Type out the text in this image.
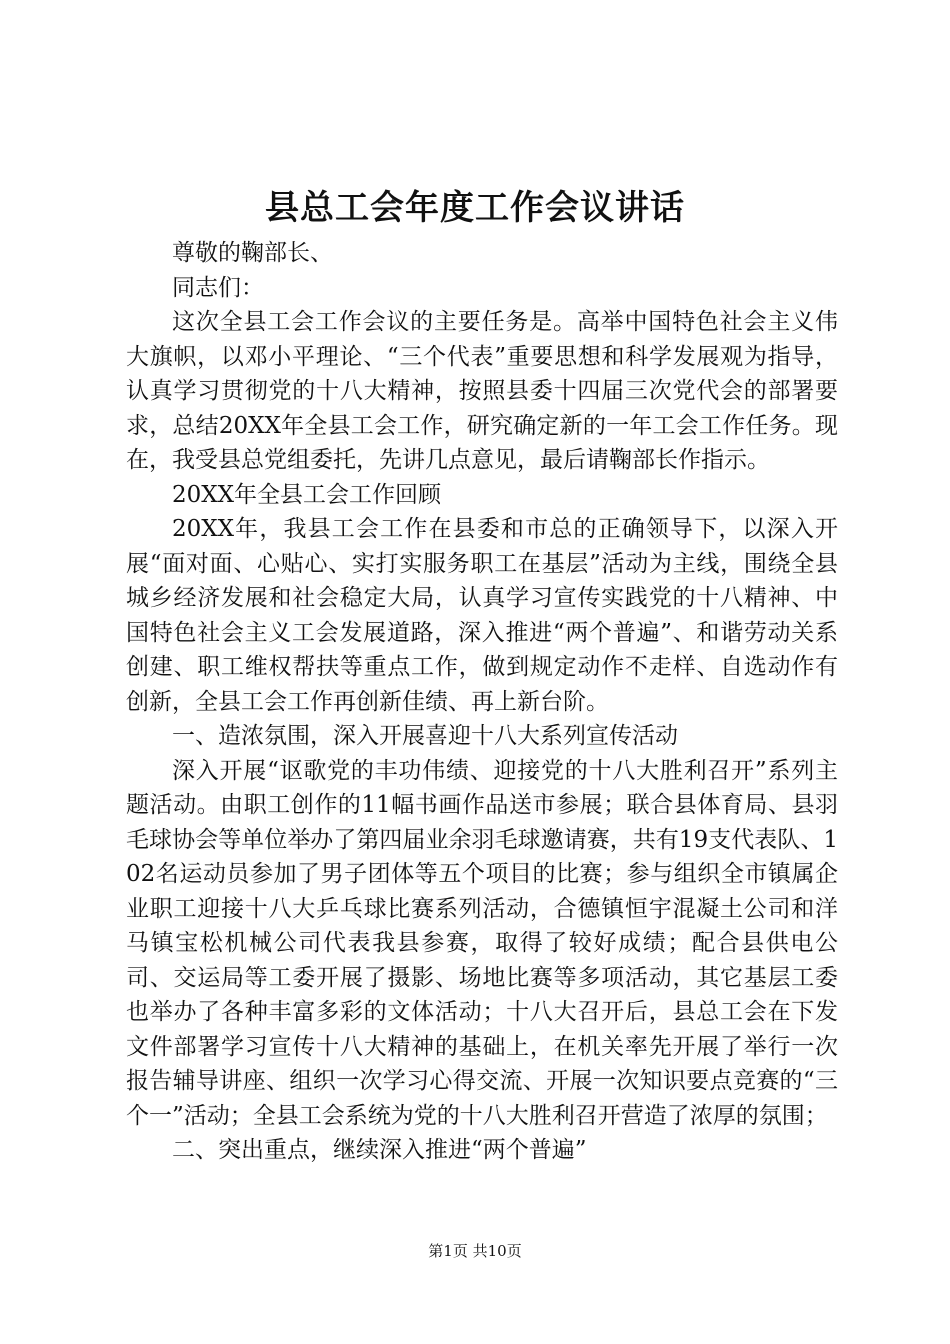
县总工会年度工作会议讲话

尊敬的鞠部长、

同志们：

这次全县工会工作会议的主要任务是。高举中国特色社会主义伟大旗帜，以邓小平理论、“三个代表”重要思想和科学发展观为指导，认真学习贯彻党的十八大精神，按照县委十四届三次党代会的部署要求，总结20XX年全县工会工作，研究确定新的一年工会工作任务。现在，我受县总党组委托，先讲几点意见，最后请鞠部长作指示。

20XX年全县工会工作回顾

20XX年，我县工会工作在县委和市总的正确领导下，以深入开展“面对面、心贴心、实打实服务职工在基层”活动为主线，围绕全县城乡经济发展和社会稳定大局，认真学习宣传实践党的十八精神、中国特色社会主义工会发展道路，深入推进“两个普遍”、和谐劳动关系创建、职工维权帮扶等重点工作，做到规定动作不走样、自选动作有创新，全县工会工作再创新佳绩、再上新台阶。

一、造浓氛围，深入开展喜迎十八大系列宣传活动

深入开展“讴歌党的丰功伟绩、迎接党的十八大胜利召开”系列主题活动。由职工创作的11幅书画作品送市参展；联合县体育局、县羽毛球协会等单位举办了第四届业余羽毛球邀请赛，共有19支代表队、102名运动员参加了男子团体等五个项目的比赛；参与组织全市镇属企业职工迎接十八大乒乓球比赛系列活动，合德镇恒宇混凝土公司和洋马镇宝松机械公司代表我县参赛，取得了较好成绩；配合县供电公司、交运局等工委开展了摄影、场地比赛等多项活动，其它基层工委也举办了各种丰富多彩的文体活动；十八大召开后，县总工会在下发文件部署学习宣传十八大精神的基础上，在机关率先开展了举行一次报告辅导讲座、组织一次学习心得交流、开展一次知识要点竞赛的“三个一”活动；全县工会系统为党的十八大胜利召开营造了浓厚的氛围；

二、突出重点，继续深入推进“两个普遍”

第1页 共10页
